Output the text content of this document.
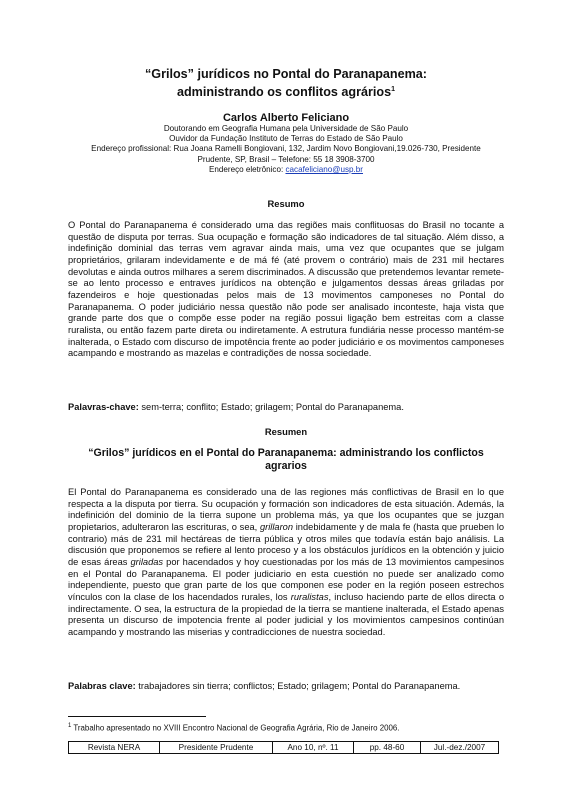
“Grilos” jurídicos no Pontal do Paranapanema:
administrando os conflitos agrários$^1$
Carlos Alberto Feliciano
Doutorando em Geografia Humana pela Universidade de São Paulo
Ouvidor da Fundação Instituto de Terras do Estado de São Paulo
Endereço profissional: Rua Joana Ramelli Bongiovani, 132, Jardim Novo Bongiovani,19.026-730, Presidente
Prudente, SP, Brasil – Telefone: 55 18 3908-3700
Endereço eletrônico: cacafeliciano@usp.br
Resumo

O Pontal do Paranapanema é considerado uma das regiões mais conflituosas do Brasil no tocante a questão de disputa por terras. Sua ocupação e formação são indicadores de tal situação. Além disso, a indefinição dominial das terras vem agravar ainda mais, uma vez que ocupantes que se julgam proprietários, grilaram indevidamente e de má fé (até provem o contrário) mais de 231 mil hectares devolutas e ainda outros milhares a serem discriminados. A discussão que pretendemos levantar remete-se ao lento processo e entraves jurídicos na obtenção e julgamentos dessas áreas griladas por fazendeiros e hoje questionadas pelos mais de 13 movimentos camponeses no Pontal do Paranapanema. O poder judiciário nessa questão não pode ser analisado inconteste, haja vista que grande parte dos que o compõe esse poder na região possui ligação bem estreitas com a classe ruralista, ou então fazem parte direta ou indiretamente. A estrutura fundiária nesse processo mantém-se inalterada, o Estado com discurso de impotência frente ao poder judiciário e os movimentos camponeses acampando e mostrando as mazelas e contradições de nossa sociedade.

Palavras-chave: sem-terra; conflito; Estado; grilagem; Pontal do Paranapanema.

Resumen
“Grilos” jurídicos en el Pontal do Paranapanema: administrando los conflictos
agrarios

El Pontal do Paranapanema es considerado una de las regiones más conflictivas de Brasil en lo que respecta a la disputa por tierra. Su ocupación y formación son indicadores de esta situación. Además, la indefinición del dominio de la tierra supone un problema más, ya que los ocupantes que se juzgan propietarios, adulteraron las escrituras, o sea, grillaron indebidamente y de mala fe (hasta que prueben lo contrario) más de 231 mil hectáreas de tierra pública y otros miles que todavía están bajo análisis. La discusión que proponemos se refiere al lento proceso y a los obstáculos jurídicos en la obtención y juicio de esas áreas griladas por hacendados y hoy cuestionadas por los más de 13 movimientos campesinos en el Pontal do Paranapanema. El poder judiciario en esta cuestión no puede ser analizado como independiente, puesto que gran parte de los que componen ese poder en la región poseen estrechos vínculos con la clase de los hacendados rurales, los ruralistas, incluso haciendo parte de ellos directa o indirectamente. O sea, la estructura de la propiedad de la tierra se mantiene inalterada, el Estado apenas presenta un discurso de impotencia frente al poder judicial y los movimientos campesinos continúan acampando y mostrando las miserias y contradicciones de nuestra sociedad.

Palabras clave: trabajadores sin tierra; conflictos; Estado; grilagem; Pontal do Paranapanema.

$^1$ Trabalho apresentado no XVIII Encontro Nacional de Geografia Agrária, Rio de Janeiro 2006.
Revista NERA	Presidente Prudente	Ano 10, nº. 11	pp. 48-60	Jul.-dez./2007
